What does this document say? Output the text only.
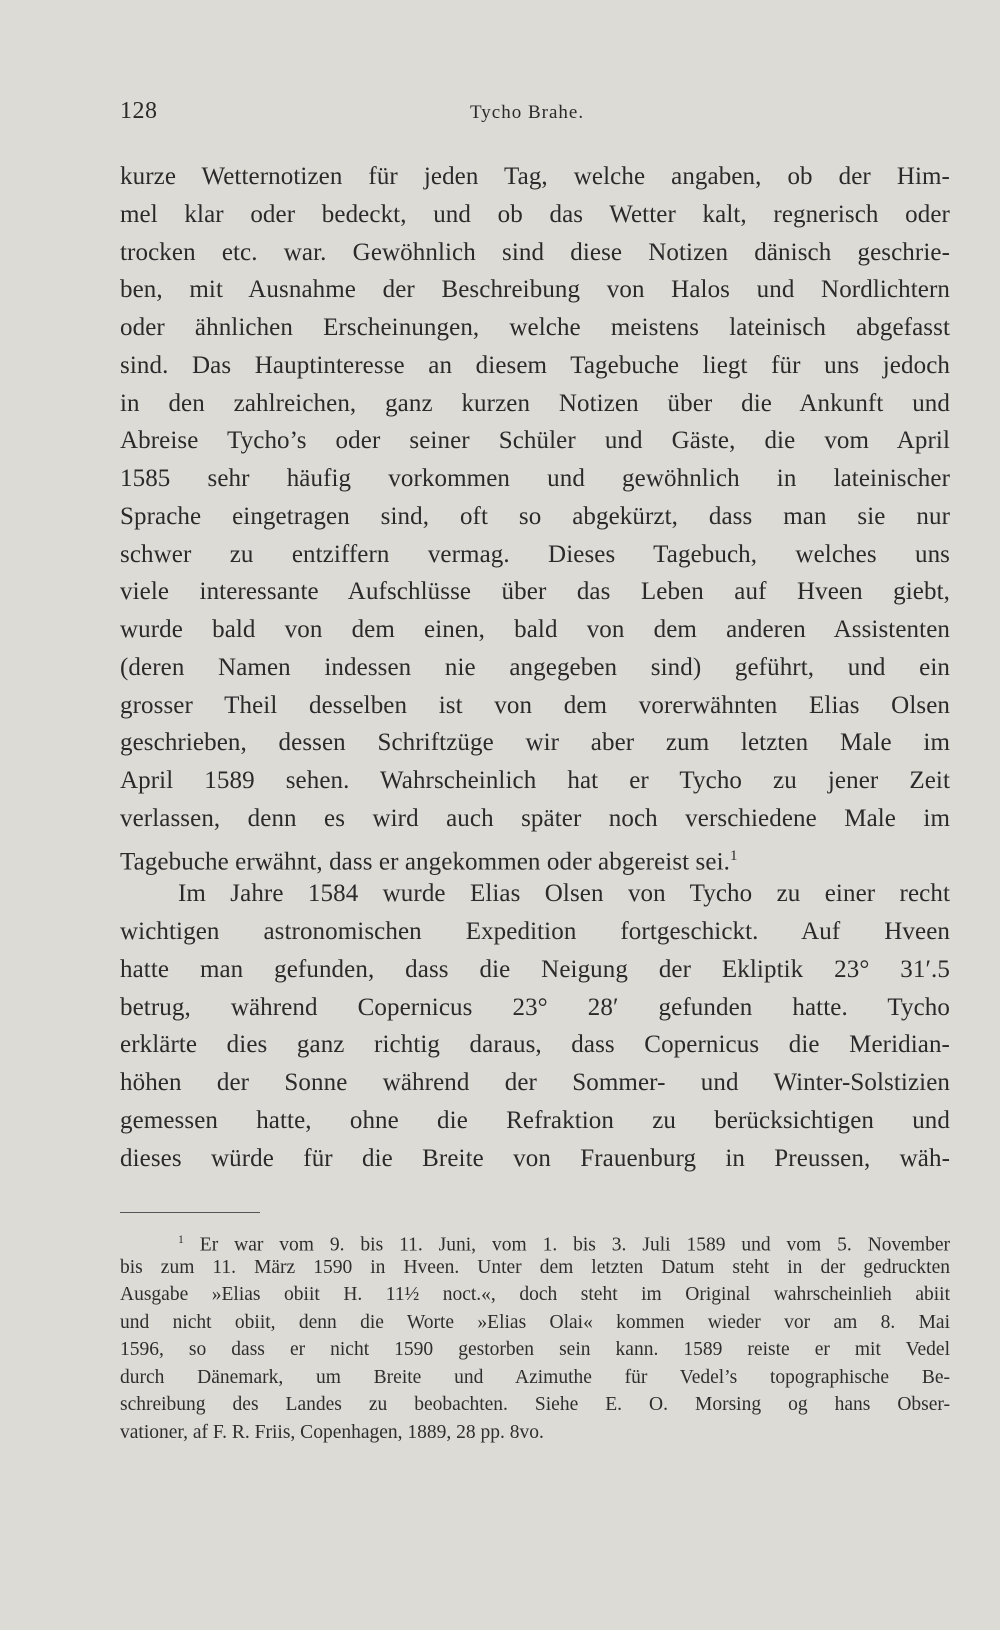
128	Tycho Brahe.
kurze Wetternotizen für jeden Tag, welche angaben, ob der Him-
mel klar oder bedeckt, und ob das Wetter kalt, regnerisch oder
trocken etc. war. Gewöhnlich sind diese Notizen dänisch geschrie-
ben, mit Ausnahme der Beschreibung von Halos und Nordlichtern
oder ähnlichen Erscheinungen, welche meistens lateinisch abgefasst
sind. Das Hauptinteresse an diesem Tagebuche liegt für uns jedoch
in den zahlreichen, ganz kurzen Notizen über die Ankunft und
Abreise Tycho’s oder seiner Schüler und Gäste, die vom April
1585 sehr häufig vorkommen und gewöhnlich in lateinischer
Sprache eingetragen sind, oft so abgekürzt, dass man sie nur
schwer zu entziffern vermag. Dieses Tagebuch, welches uns
viele interessante Aufschlüsse über das Leben auf Hveen giebt,
wurde bald von dem einen, bald von dem anderen Assistenten
(deren Namen indessen nie angegeben sind) geführt, und ein
grosser Theil desselben ist von dem vorerwähnten Elias Olsen
geschrieben, dessen Schriftzüge wir aber zum letzten Male im
April 1589 sehen. Wahrscheinlich hat er Tycho zu jener Zeit
verlassen, denn es wird auch später noch verschiedene Male im
Tagebuche erwähnt, dass er angekommen oder abgereist sei.$^1$
Im Jahre 1584 wurde Elias Olsen von Tycho zu einer recht
wichtigen astronomischen Expedition fortgeschickt. Auf Hveen
hatte man gefunden, dass die Neigung der Ekliptik 23° 31′.5
betrug, während Copernicus 23° 28′ gefunden hatte. Tycho
erklärte dies ganz richtig daraus, dass Copernicus die Meridian-
höhen der Sonne während der Sommer- und Winter-Solstizien
gemessen hatte, ohne die Refraktion zu berücksichtigen und
dieses würde für die Breite von Frauenburg in Preussen, wäh-
$^1$ Er war vom 9. bis 11. Juni, vom 1. bis 3. Juli 1589 und vom 5. November
bis zum 11. März 1590 in Hveen. Unter dem letzten Datum steht in der gedruckten
Ausgabe »Elias obiit H. 11½ noct.«, doch steht im Original wahrscheinlieh abiit
und nicht obiit, denn die Worte »Elias Olai« kommen wieder vor am 8. Mai
1596, so dass er nicht 1590 gestorben sein kann. 1589 reiste er mit Vedel
durch Dänemark, um Breite und Azimuthe für Vedel’s topographische Be-
schreibung des Landes zu beobachten. Siehe E. O. Morsing og hans Obser-
vationer, af F. R. Friis, Copenhagen, 1889, 28 pp. 8vo.
